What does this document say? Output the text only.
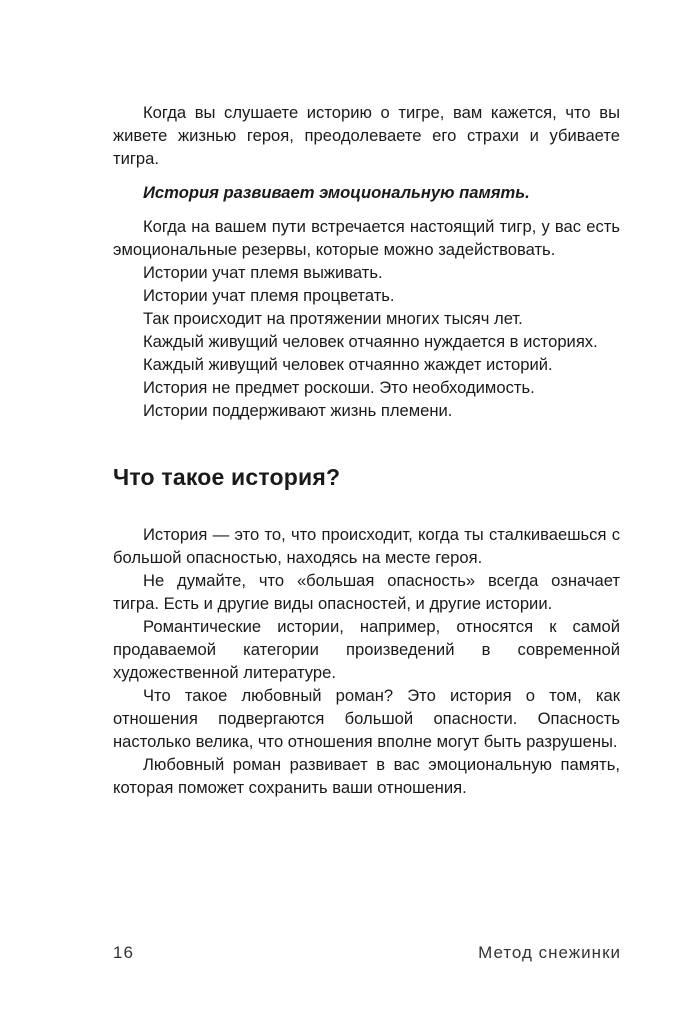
Когда вы слушаете историю о тигре, вам кажется, что вы живете жизнью героя, преодолеваете его страхи и убиваете тигра.

История развивает эмоциональную память.

Когда на вашем пути встречается настоящий тигр, у вас есть эмоциональные резервы, которые можно задействовать.

Истории учат племя выживать.

Истории учат племя процветать.

Так происходит на протяжении многих тысяч лет.

Каждый живущий человек отчаянно нуждается в историях.

Каждый живущий человек отчаянно жаждет историй.

История не предмет роскоши. Это необходимость.

Истории поддерживают жизнь племени.

Что такое история?

История — это то, что происходит, когда ты сталкиваешься с большой опасностью, находясь на месте героя.

Не думайте, что «большая опасность» всегда означает тигра. Есть и другие виды опасностей, и другие истории.

Романтические истории, например, относятся к самой продаваемой категории произведений в современной художественной литературе.

Что такое любовный роман? Это история о том, как отношения подвергаются большой опасности. Опасность настолько велика, что отношения вполне могут быть разрушены.

Любовный роман развивает в вас эмоциональную память, которая поможет сохранить ваши отношения.

16	Метод снежинки
